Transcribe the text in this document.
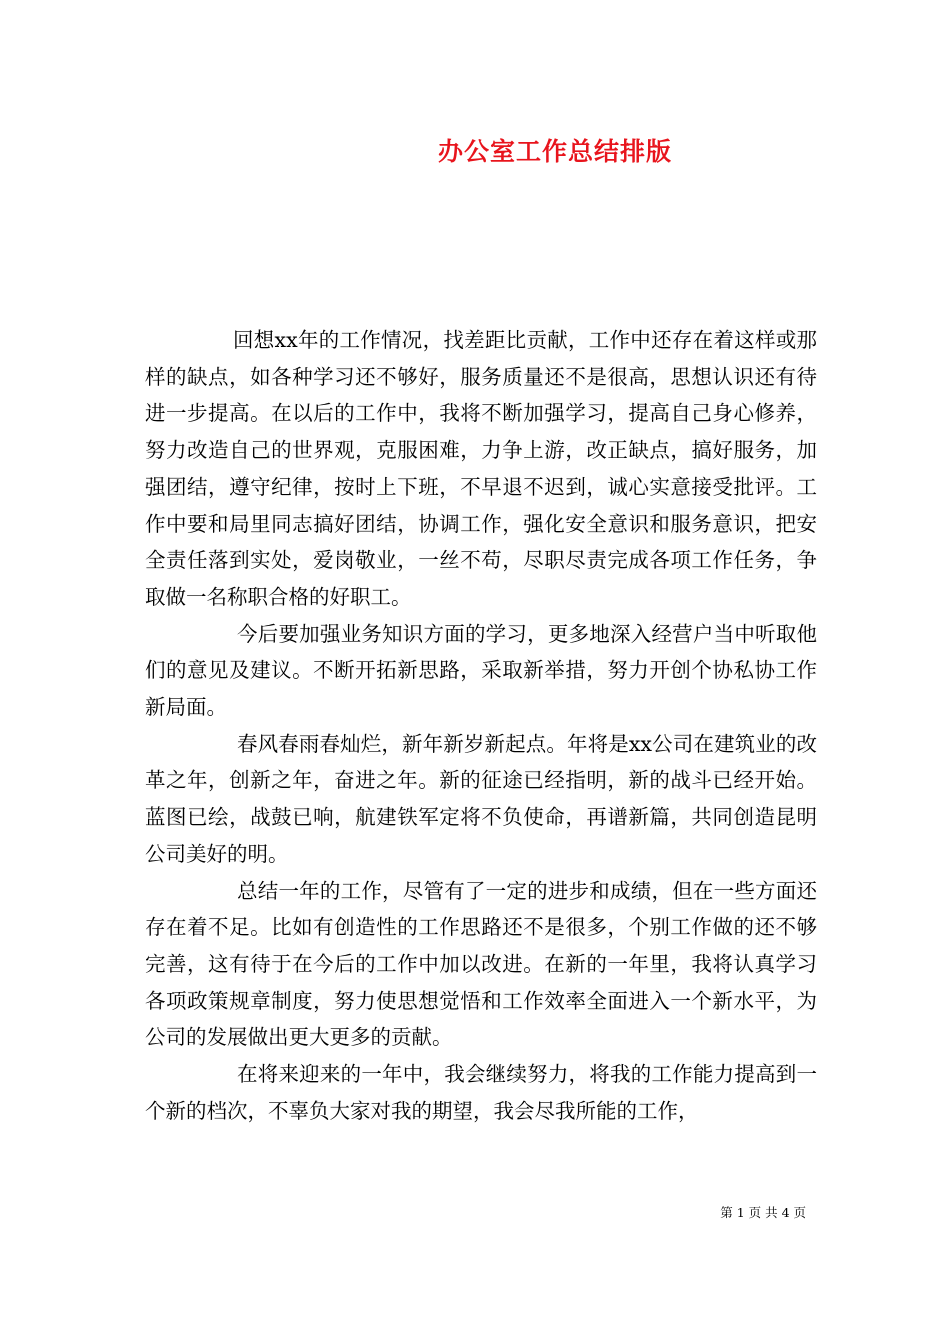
办公室工作总结排版

回想xx年的工作情况，找差距比贡献，工作中还存在着这样或那样的缺点，如各种学习还不够好，服务质量还不是很高，思想认识还有待进一步提高。在以后的工作中，我将不断加强学习，提高自己身心修养，努力改造自己的世界观，克服困难，力争上游，改正缺点，搞好服务，加强团结，遵守纪律，按时上下班，不早退不迟到，诚心实意接受批评。工作中要和局里同志搞好团结，协调工作，强化安全意识和服务意识，把安全责任落到实处，爱岗敬业，一丝不苟，尽职尽责完成各项工作任务，争取做一名称职合格的好职工。

今后要加强业务知识方面的学习，更多地深入经营户当中听取他们的意见及建议。不断开拓新思路，采取新举措，努力开创个协私协工作新局面。

春风春雨春灿烂，新年新岁新起点。年将是xx公司在建筑业的改革之年，创新之年，奋进之年。新的征途已经指明，新的战斗已经开始。蓝图已绘，战鼓已响，航建铁军定将不负使命，再谱新篇，共同创造昆明公司美好的明。

总结一年的工作，尽管有了一定的进步和成绩，但在一些方面还存在着不足。比如有创造性的工作思路还不是很多，个别工作做的还不够完善，这有待于在今后的工作中加以改进。在新的一年里，我将认真学习各项政策规章制度，努力使思想觉悟和工作效率全面进入一个新水平，为公司的发展做出更大更多的贡献。

在将来迎来的一年中，我会继续努力，将我的工作能力提高到一个新的档次，不辜负大家对我的期望，我会尽我所能的工作，

第 1 页 共 4 页
